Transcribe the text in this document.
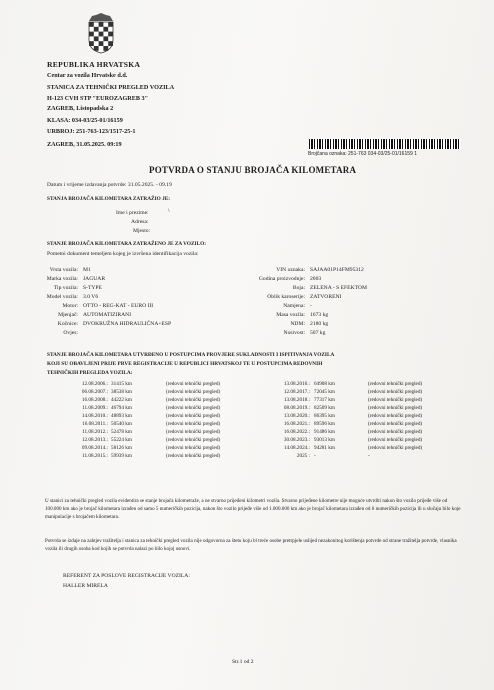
REPUBLIKA HRVATSKA
Centar za vozila Hrvatske d.d.
STANICA ZA TEHNIČKI PREGLED VOZILA
H-123 CVH STP "EUROZAGREB 3"
ZAGREB, Listopadska 2
KLASA: 034-03/25-01/16159
URBROJ: 251-763-123/1517-25-1
ZAGREB, 31.05.2025. 09:19
Brojčana oznaka: 251-763 034-03/25-01/16159 1
POTVRDA O STANJU BROJAČA KILOMETARA
Datum i vrijeme izdavanja potvrde: 31.05.2025. - 09.19
STANJA BROJAČA KILOMETARA ZATRAŽIO JE:
Ime i prezime:	\
Adresa:
Mjesto:
STANJE BROJAČA KILOMETARA ZATRAŽENO JE ZA VOZILO:
Pometni dokument temeljem kojeg je izvršena identifikacija vozila:
Vrsta vozila: M1
Marka vozila: JAGUAR
Tip vozila: S-TYPE
Model vozila: 3.0 V6
Motor: OTTO - REG-KAT - EURO III
Mjenjač: AUTOMATIZIRANI
Kočnice: DVOKRUŽNA HIDRAULIČNA+ESP
Ovjes:
VIN oznaka: SAJAA01P14FM95312
Godina proizvodnje: 2003
Boja: ZELENA - S EFEKTOM
Oblik karoserije: ZATVORENI
Namjena: -
Masa vozila: 1673 kg
NDM: 2180 kg
Nosivost: 507 kg
STANJE BROJAČA KILOMETARA UTVRĐENO U POSTUPCIMA PROVJERE SUKLADNOSTI I ISPITIVANJA VOZILA
KOJI SU OBAVLJENI PRIJE PRVE REGISTRACIJE U REPUBLICI HRVATSKOJ TE U POSTUPCIMA REDOVNIH
TEHNIČKIH PREGLEDA VOZILA:
12.08.2006.: 31415 km	(redovni tehnički pregled)
06.08.2007.: 38538 km	(redovni tehnički pregled)
16.08.2008.: 44222 km	(redovni tehnički pregled)
11.08.2009.: 46794 km	(redovni tehnički pregled)
14.08.2010.: 48893 km	(redovni tehnički pregled)
16.08.2011.: 50540 km	(redovni tehnički pregled)
11.08.2012.: 52478 km	(redovni tehnički pregled)
12.08.2013.: 55224 km	(redovni tehnički pregled)
09.08.2014.: 58126 km	(redovni tehnički pregled)
11.08.2015.: 59939 km	(redovni tehnički pregled)
13.08.2016.: 64908 km	(redovni tehnički pregled)
12.08.2017.: 72045 km	(redovni tehnički pregled)
13.08.2018.: 77317 km	(redovni tehnički pregled)
08.08.2019.: 82509 km	(redovni tehnički pregled)
13.08.2020.: 86395 km	(redovni tehnički pregled)
16.08.2021.: 89596 km	(redovni tehnički pregled)
16.08.2022.: 91486 km	(redovni tehnički pregled)
30.08.2023.: 93013 km	(redovni tehnički pregled)
14.08.2024.: 94281 km	(redovni tehnički pregled)
2025 : -	-
U stanici za tehnički pregled vozila evidentira se stanje brojača kilometraže, a ne stvarno prijeđeni kilometri vozila. Stvarno prijeđene kilometre nije moguće utvrditi nakon što vozilo prijeđe više od 100.000 km ako je brojač kilometara izrađen od samo 5 numeričkih pozicija, nakon što vozilo prijeđe više od 1.000.000 km ako je brojač kilometara izrađen od 6 numeričkih pozicija ili u slučaju bilo koje manipulacije s brojačem kilometara.
Potvrda se izdaje na zahtjev tražitelja i stanica za tehnički pregled vozila nije odgovorna za štetu koju bi treće osobe pretrpjele uslijed nezakonitog korištenja potvrde od strane tražitelja potvrde, vlasnika vozila ili drugih osoba kod kojih se potvrda nalazi po bilo kojoj osnovi.
REFERENT ZA POSLOVE REGISTRACIJE VOZILA:
HALLER MIRELA
Str.1 od 2
